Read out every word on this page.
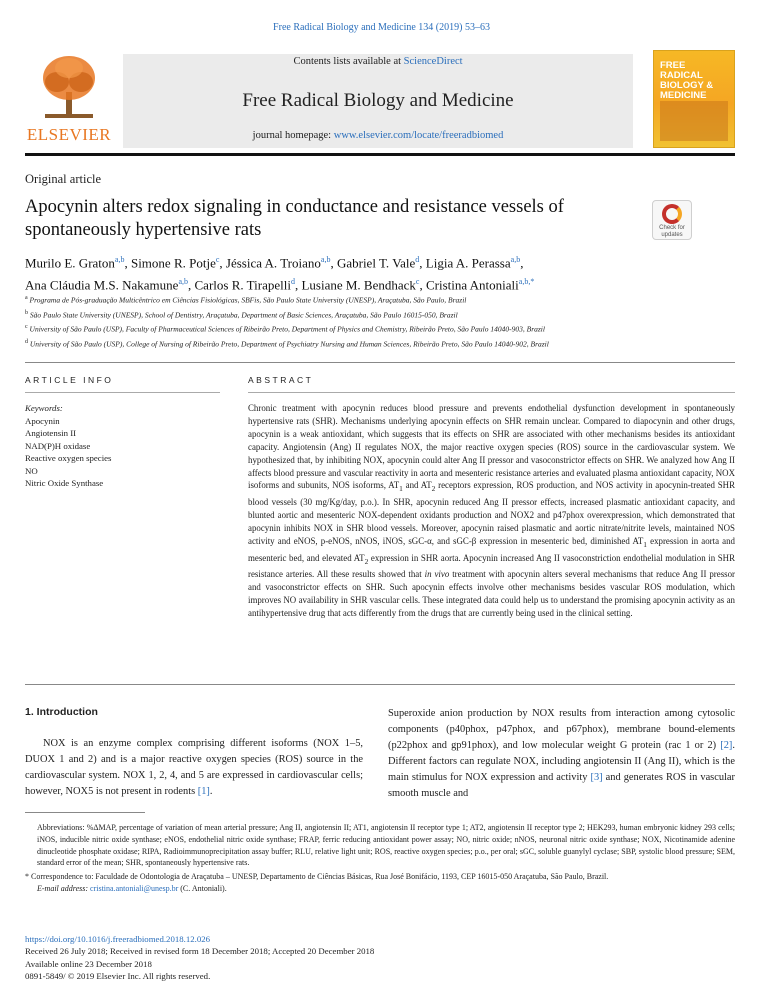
Free Radical Biology and Medicine 134 (2019) 53–63
ELSEVIER
Contents lists available at ScienceDirect
Free Radical Biology and Medicine
journal homepage: www.elsevier.com/locate/freeradbiomed
FREE
RADICAL
BIOLOGY &
MEDICINE
Original article
Apocynin alters redox signaling in conductance and resistance vessels of spontaneously hypertensive rats	Check for
updates
Murilo E. Graton$^{a,b}$, Simone R. Potje$^c$, Jéssica A. Troiano$^{a,b}$, Gabriel T. Vale$^d$, Ligia A. Perassa$^{a,b}$,
Ana Cláudia M.S. Nakamune$^{a,b}$, Carlos R. Tirapelli$^d$, Lusiane M. Bendhack$^c$, Cristina Antoniali$^{a,b,*}$
$^a$ Programa de Pós-graduação Multicêntrico em Ciências Fisiológicas, SBFis, São Paulo State University (UNESP), Araçatuba, São Paulo, Brazil
$^b$ São Paulo State University (UNESP), School of Dentistry, Araçatuba, Department of Basic Sciences, Araçatuba, São Paulo 16015-050, Brazil
$^c$ University of São Paulo (USP), Faculty of Pharmaceutical Sciences of Ribeirão Preto, Department of Physics and Chemistry, Ribeirão Preto, São Paulo 14040-903, Brazil
$^d$ University of São Paulo (USP), College of Nursing of Ribeirão Preto, Department of Psychiatry Nursing and Human Sciences, Ribeirão Preto, São Paulo 14040-902, Brazil
ARTICLE INFO	ABSTRACT
Keywords:
Apocynin
Angiotensin II
NAD(P)H oxidase
Reactive oxygen species
NO
Nitric Oxide Synthase
Chronic treatment with apocynin reduces blood pressure and prevents endothelial dysfunction development in spontaneously hypertensive rats (SHR). Mechanisms underlying apocynin effects on SHR remain unclear. Compared to diapocynin and other drugs, apocynin is a weak antioxidant, which suggests that its effects on SHR are associated with other mechanisms besides its antioxidant capacity. Angiotensin (Ang) II regulates NOX, the major reactive oxygen species (ROS) source in the cardiovascular system. We hypothesized that, by inhibiting NOX, apocynin could alter Ang II pressor and vasoconstrictor effects on SHR. We analyzed how Ang II affects blood pressure and vascular reactivity in aorta and mesenteric resistance arteries and evaluated plasma antioxidant capacity, NOX isoforms and subunits, NOS isoforms, $AT_1$ and $AT_2$ receptors expression, ROS production, and NOS activity in apocynin-treated SHR blood vessels (30 mg/Kg/day, p.o.). In SHR, apocynin reduced Ang II pressor effects, increased plasmatic antioxidant capacity, and blunted aortic and mesenteric NOX-dependent oxidants production and NOX2 and p47phox overexpression, which demonstrated that apocynin inhibits NOX in SHR blood vessels. Moreover, apocynin raised plasmatic and aortic nitrate/nitrite levels, maintained NOS activity and eNOS, p-eNOS, nNOS, iNOS, sGC-α, and sGC-β expression in mesenteric bed, diminished $AT_1$ expression in aorta and mesenteric bed, and elevated $AT_2$ expression in SHR aorta. Apocynin increased Ang II vasoconstriction endothelial modulation in SHR resistance arteries. All these results showed that in vivo treatment with apocynin alters several mechanisms that reduce Ang II pressor and vasoconstrictor effects on SHR. Such apocynin effects involve other mechanisms besides vascular ROS modulation, which improves NO availability in SHR vascular cells. These integrated data could help us to understand the promising apocynin activity as an antihypertensive drug that acts differently from the drugs that are currently being used in the clinical setting.
1. Introduction

NOX is an enzyme complex comprising different isoforms (NOX 1–5, DUOX 1 and 2) and is a major reactive oxygen species (ROS) source in the cardiovascular system. NOX 1, 2, 4, and 5 are expressed in cardiovascular cells; however, NOX5 is not present in rodents [1].

Superoxide anion production by NOX results from interaction among cytosolic components (p40phox, p47phox, and p67phox), membrane bound-elements (p22phox and gp91phox), and low molecular weight G protein (rac 1 or 2) [2]. Different factors can regulate NOX, including angiotensin II (Ang II), which is the main stimulus for NOX expression and activity [3] and generates ROS in vascular smooth muscle and

Abbreviations: %ΔMAP, percentage of variation of mean arterial pressure; Ang II, angiotensin II; AT1, angiotensin II receptor type 1; AT2, angiotensin II receptor type 2; HEK293, human embryonic kidney 293 cells; iNOS, inducible nitric oxide synthase; eNOS, endothelial nitric oxide synthase; FRAP, ferric reducing antioxidant power assay; NO, nitric oxide; nNOS, neuronal nitric oxide synthase; NOX, Nicotinamide adenine dinucleotide phosphate oxidase; RIPA, Radioimmunoprecipitation assay buffer; RLU, relative light unit; ROS, reactive oxygen species; p.o., per oral; sGC, soluble guanylyl cyclase; SBP, systolic blood pressure; SEM, standard error of the mean; SHR, spontaneously hypertensive rats.
* Correspondence to: Faculdade de Odontologia de Araçatuba – UNESP, Departamento de Ciências Básicas, Rua José Bonifácio, 1193, CEP 16015-050 Araçatuba, São Paulo, Brazil.
E-mail address: cristina.antoniali@unesp.br (C. Antoniali).
https://doi.org/10.1016/j.freeradbiomed.2018.12.026
Received 26 July 2018; Received in revised form 18 December 2018; Accepted 20 December 2018
Available online 23 December 2018
0891-5849/ © 2019 Elsevier Inc. All rights reserved.
